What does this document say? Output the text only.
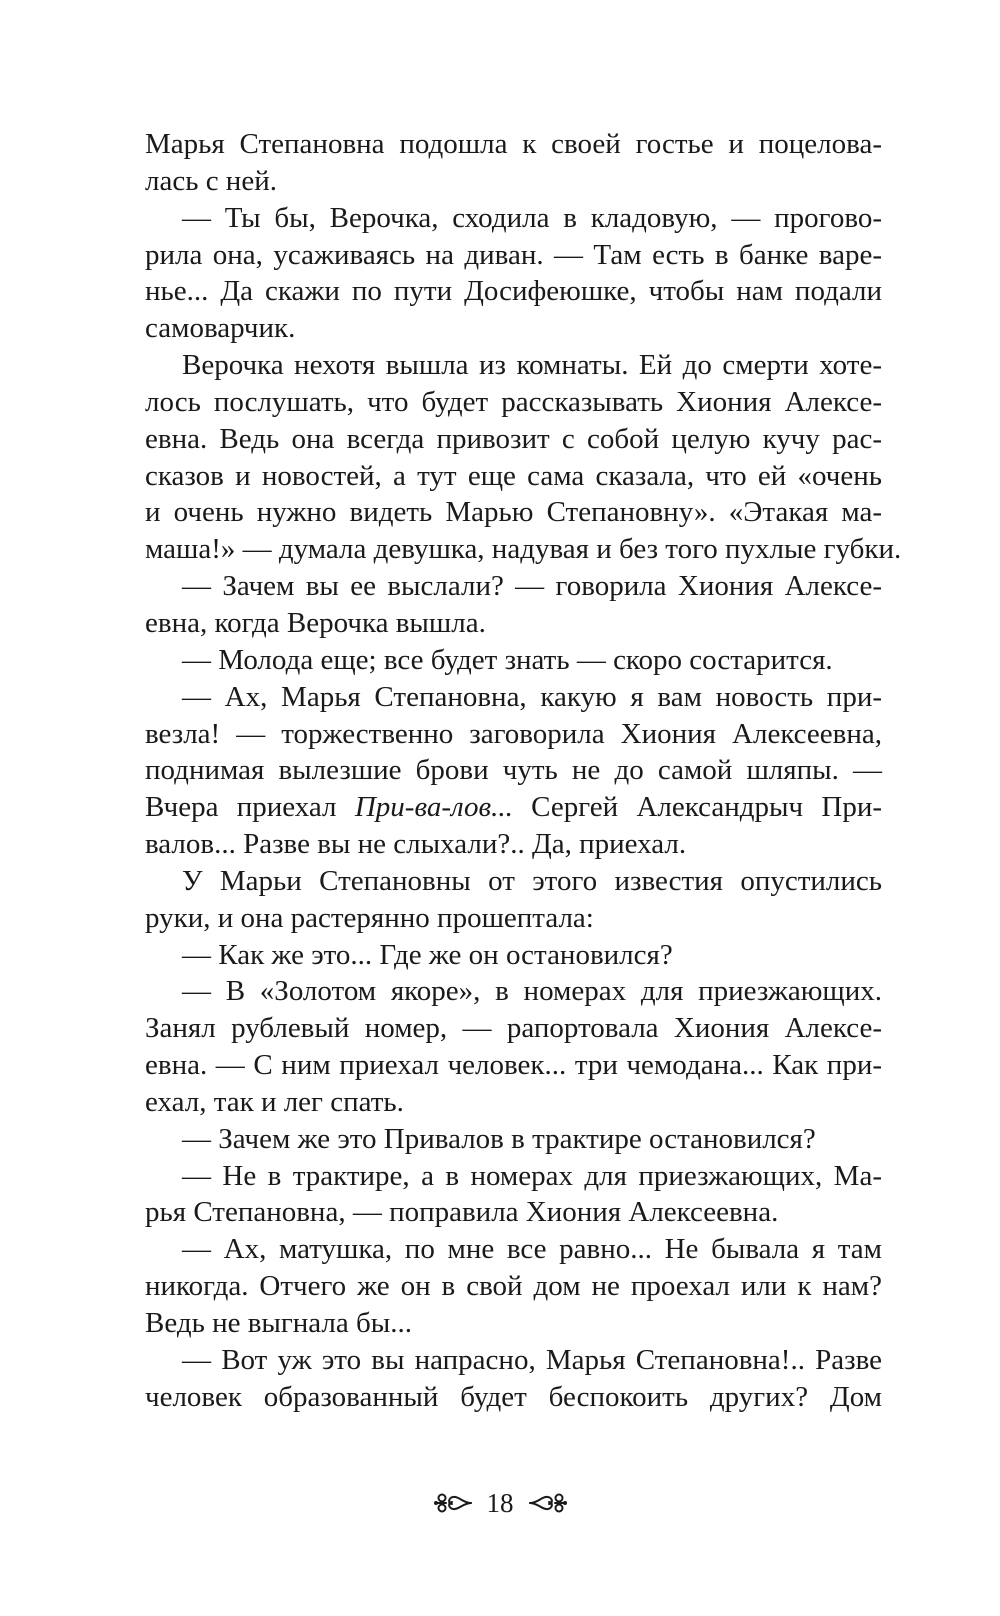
Марья Степановна подошла к своей гостье и поцелова-
лась с ней.
— Ты бы, Верочка, сходила в кладовую, — прогово-
рила она, усаживаясь на диван. — Там есть в банке варе-
нье... Да скажи по пути Досифеюшке, чтобы нам подали
самоварчик.
Верочка нехотя вышла из комнаты. Ей до смерти хоте-
лось послушать, что будет рассказывать Хиония Алексе-
евна. Ведь она всегда привозит с собой целую кучу рас-
сказов и новостей, а тут еще сама сказала, что ей «очень
и очень нужно видеть Марью Степановну». «Этакая ма-
маша!» — думала девушка, надувая и без того пухлые губки.
— Зачем вы ее выслали? — говорила Хиония Алексе-
евна, когда Верочка вышла.
— Молода еще; все будет знать — скоро состарится.
— Ах, Марья Степановна, какую я вам новость при-
везла! — торжественно заговорила Хиония Алексеевна,
поднимая вылезшие брови чуть не до самой шляпы. —
Вчера приехал При-ва-лов... Сергей Александрыч При-
валов... Разве вы не слыхали?.. Да, приехал.
У Марьи Степановны от этого известия опустились
руки, и она растерянно прошептала:
— Как же это... Где же он остановился?
— В «Золотом якоре», в номерах для приезжающих.
Занял рублевый номер, — рапортовала Хиония Алексе-
евна. — С ним приехал человек... три чемодана... Как при-
ехал, так и лег спать.
— Зачем же это Привалов в трактире остановился?
— Не в трактире, а в номерах для приезжающих, Ма-
рья Степановна, — поправила Хиония Алексеевна.
— Ах, матушка, по мне все равно... Не бывала я там
никогда. Отчего же он в свой дом не проехал или к нам?
Ведь не выгнала бы...
— Вот уж это вы напрасно, Марья Степановна!.. Разве
человек образованный будет беспокоить других? Дом
18
